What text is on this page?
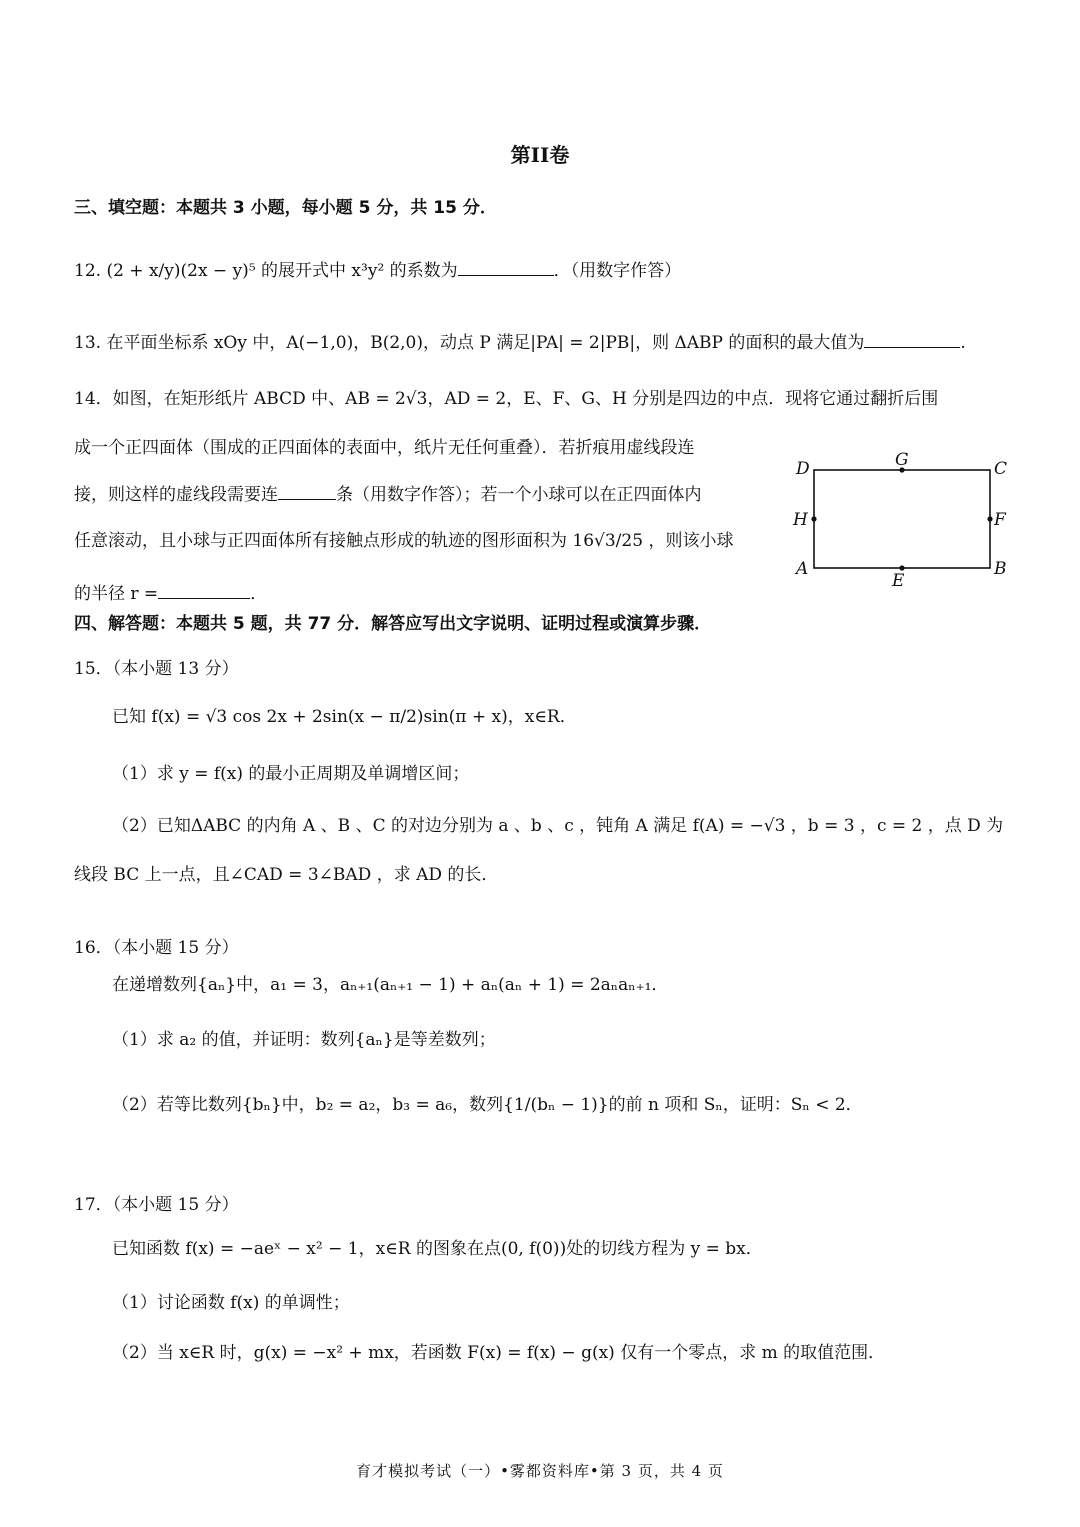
第II卷
三、填空题：本题共 3 小题，每小题 5 分，共 15 分．
12. (2 + x/y)(2x − y)⁵ 的展开式中 x³y² 的系数为	．（用数字作答）
13. 在平面坐标系 xOy 中，A(−1,0)，B(2,0)，动点 P 满足|PA| = 2|PB|，则 ΔABP 的面积的最大值为	.
14．如图，在矩形纸片 ABCD 中、AB = 2√3，AD = 2，E、F、G、H 分别是四边的中点．现将它通过翻折后围
成一个正四面体（围成的正四面体的表面中，纸片无任何重叠）．若折痕用虚线段连
接，则这样的虚线段需要连	条（用数字作答）；若一个小球可以在正四面体内
任意滚动，且小球与正四面体所有接触点形成的轨迹的图形面积为 16√3/25 ，则该小球
的半径 r =	．
D	G	C
H	F
A
E
B
四、解答题：本题共 5 题，共 77 分．解答应写出文字说明、证明过程或演算步骤．
15．（本小题 13 分）
已知 f(x) = √3 cos 2x + 2sin(x − π/2)sin(π + x)，x∈R．
（1）求 y = f(x) 的最小正周期及单调增区间；
（2）已知ΔABC 的内角 A 、B 、C 的对边分别为 a 、b 、c ，钝角 A 满足 f(A) = −√3 ，b = 3 ，c = 2 ，点 D 为
线段 BC 上一点，且∠CAD = 3∠BAD ，求 AD 的长．
16．（本小题 15 分）
在递增数列{aₙ}中，a₁ = 3，aₙ₊₁(aₙ₊₁ − 1) + aₙ(aₙ + 1) = 2aₙaₙ₊₁．
（1）求 a₂ 的值，并证明：数列{aₙ}是等差数列；
（2）若等比数列{bₙ}中，b₂ = a₂，b₃ = a₆，数列{1/(bₙ − 1)}的前 n 项和 Sₙ，证明：Sₙ < 2．
17．（本小题 15 分）
已知函数 f(x) = −aeˣ − x² − 1，x∈R 的图象在点(0, f(0))处的切线方程为 y = bx．
（1）讨论函数 f(x) 的单调性；
（2）当 x∈R 时，g(x) = −x² + mx，若函数 F(x) = f(x) − g(x) 仅有一个零点，求 m 的取值范围．
育才模拟考试（一）•雾都资料库•第 3 页，共 4 页
